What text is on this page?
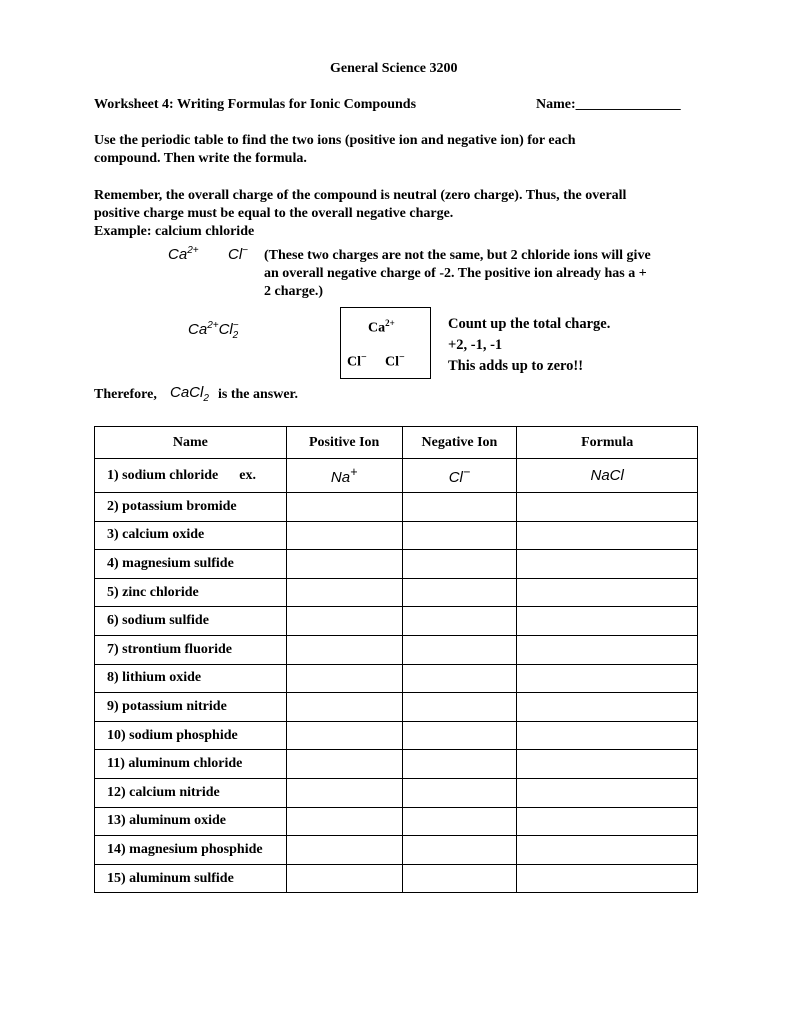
General Science 3200
Worksheet 4: Writing Formulas for Ionic Compounds	Name:_______________
Use the periodic table to find the two ions (positive ion and negative ion) for each
compound. Then write the formula.
Remember, the overall charge of the compound is neutral (zero charge). Thus, the overall
positive charge must be equal to the overall negative charge.
Example: calcium chloride
$Ca^{2+}$ Cl− (These two charges are not the same, but 2 chloride ions will give
an overall negative charge of -2. The positive ion already has a +
2 charge.)
$Ca^{2+}Cl^-_2$	$Ca^{2+}$
Cl− Cl−
Count up the total charge.
+2, -1, -1
This adds up to zero!!
Therefore, CaCl$_2$ is the answer.
Name	Positive Ion	Negative Ion	Formula
1) sodium chloride ex.	Na+	Cl−	NaCl
2) potassium bromide			
3) calcium oxide			
4) magnesium sulfide			
5) zinc chloride			
6) sodium sulfide			
7) strontium fluoride			
8) lithium oxide			
9) potassium nitride			
10) sodium phosphide			
11) aluminum chloride			
12) calcium nitride			
13) aluminum oxide			
14) magnesium phosphide			
15) aluminum sulfide			
